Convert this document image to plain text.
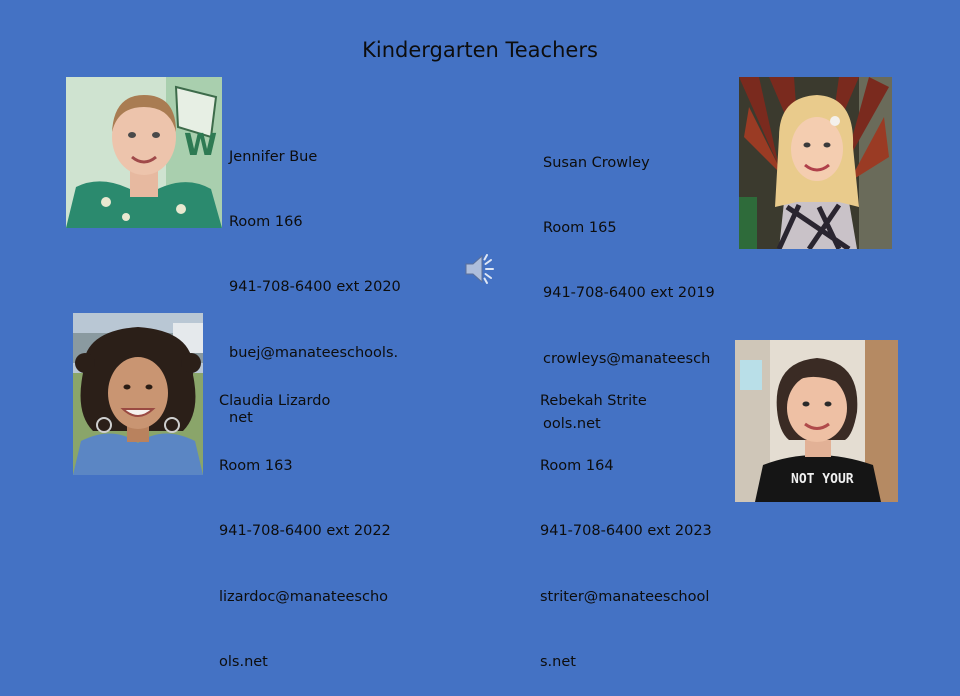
Kindergarten Teachers
W

Jennifer Bue

Room 166

941-708-6400 ext 2020

buej@manateeschools.

net

Susan Crowley

Room 165

941-708-6400 ext 2019

crowleys@manateesch

ools.net

Claudia Lizardo

Room 163

941-708-6400 ext 2022

lizardoc@manateescho

ols.net

Rebekah Strite

Room 164

941-708-6400 ext 2023

striter@manateeschool

s.net

NOT YOUR
